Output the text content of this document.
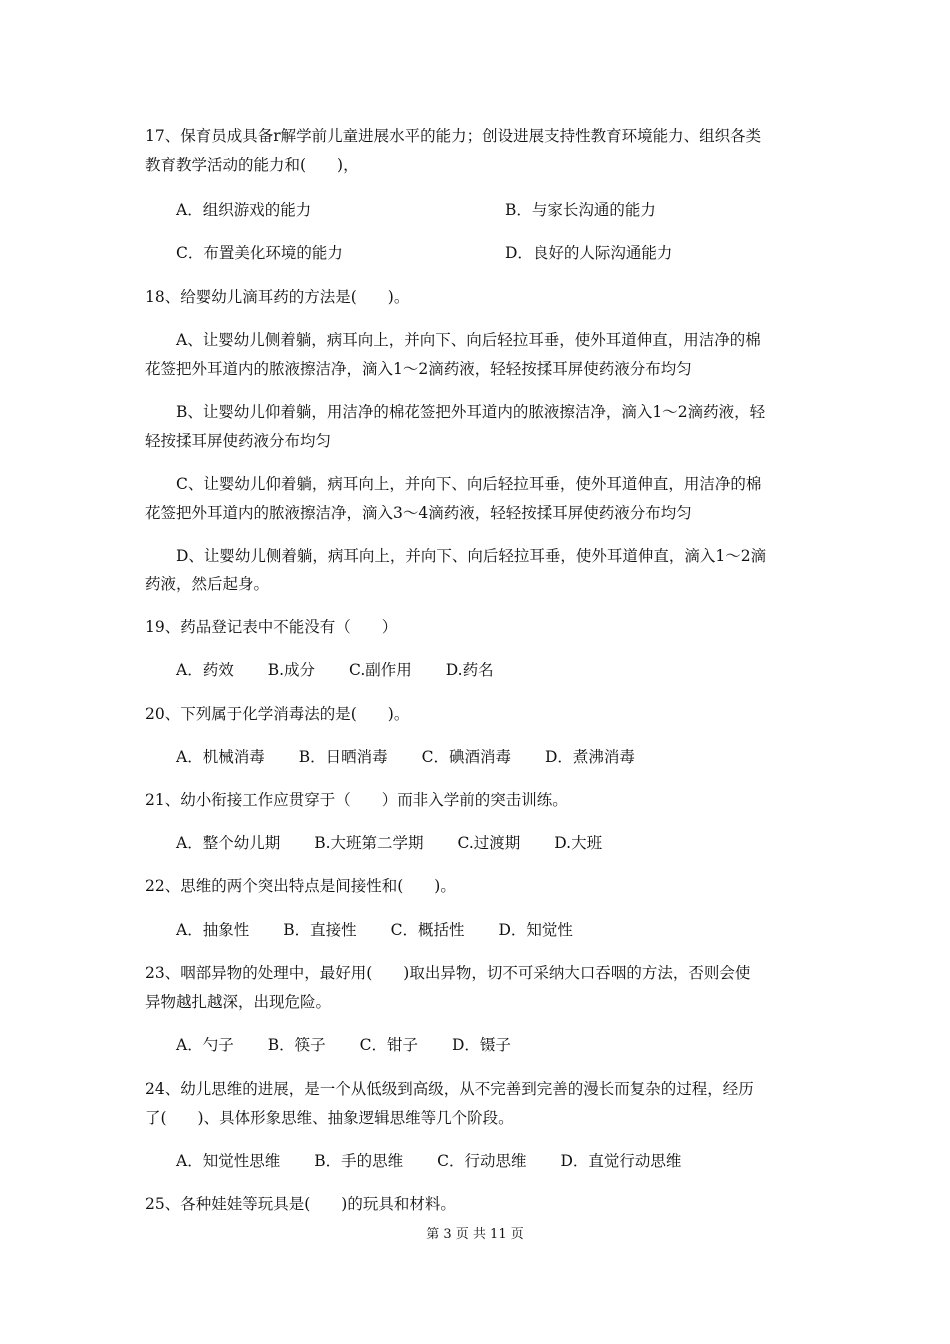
17、保育员成具备r解学前儿童进展水平的能力；创设进展支持性教育环境能力、组织各类
教育教学活动的能力和(　　)，
A．组织游戏的能力	B．与家长沟通的能力
C．布置美化环境的能力	D．良好的人际沟通能力
18、给婴幼儿滴耳药的方法是(　　)。
A、让婴幼儿侧着躺，病耳向上，并向下、向后轻拉耳垂，使外耳道伸直，用洁净的棉
花签把外耳道内的脓液擦洁净，滴入1～2滴药液，轻轻按揉耳屏使药液分布均匀
B、让婴幼儿仰着躺，用洁净的棉花签把外耳道内的脓液擦洁净，滴入1～2滴药液，轻
轻按揉耳屏使药液分布均匀
C、让婴幼儿仰着躺，病耳向上，并向下、向后轻拉耳垂，使外耳道伸直，用洁净的棉
花签把外耳道内的脓液擦洁净，滴入3～4滴药液，轻轻按揉耳屏使药液分布均匀
D、让婴幼儿侧着躺，病耳向上，并向下、向后轻拉耳垂，使外耳道伸直，滴入1～2滴
药液，然后起身。
19、药品登记表中不能没有（　　）
A．药效 B.成分 C.副作用 D.药名
20、下列属于化学消毒法的是(　　)。
A．机械消毒 B．日晒消毒 C．碘酒消毒 D．煮沸消毒
21、幼小衔接工作应贯穿于（　　）而非入学前的突击训练。
A．整个幼儿期 B.大班第二学期 C.过渡期 D.大班
22、思维的两个突出特点是间接性和(　　)。
A．抽象性 B．直接性 C．概括性 D．知觉性
23、咽部异物的处理中，最好用(　　)取出异物，切不可采纳大口吞咽的方法，否则会使
异物越扎越深，出现危险。
A．勺子 B．筷子 C．钳子 D．镊子
24、幼儿思维的进展，是一个从低级到高级，从不完善到完善的漫长而复杂的过程，经历
了(　　)、具体形象思维、抽象逻辑思维等几个阶段。
A．知觉性思维 B．手的思维 C．行动思维 D．直觉行动思维
25、各种娃娃等玩具是(　　)的玩具和材料。
第 3 页 共 11 页
